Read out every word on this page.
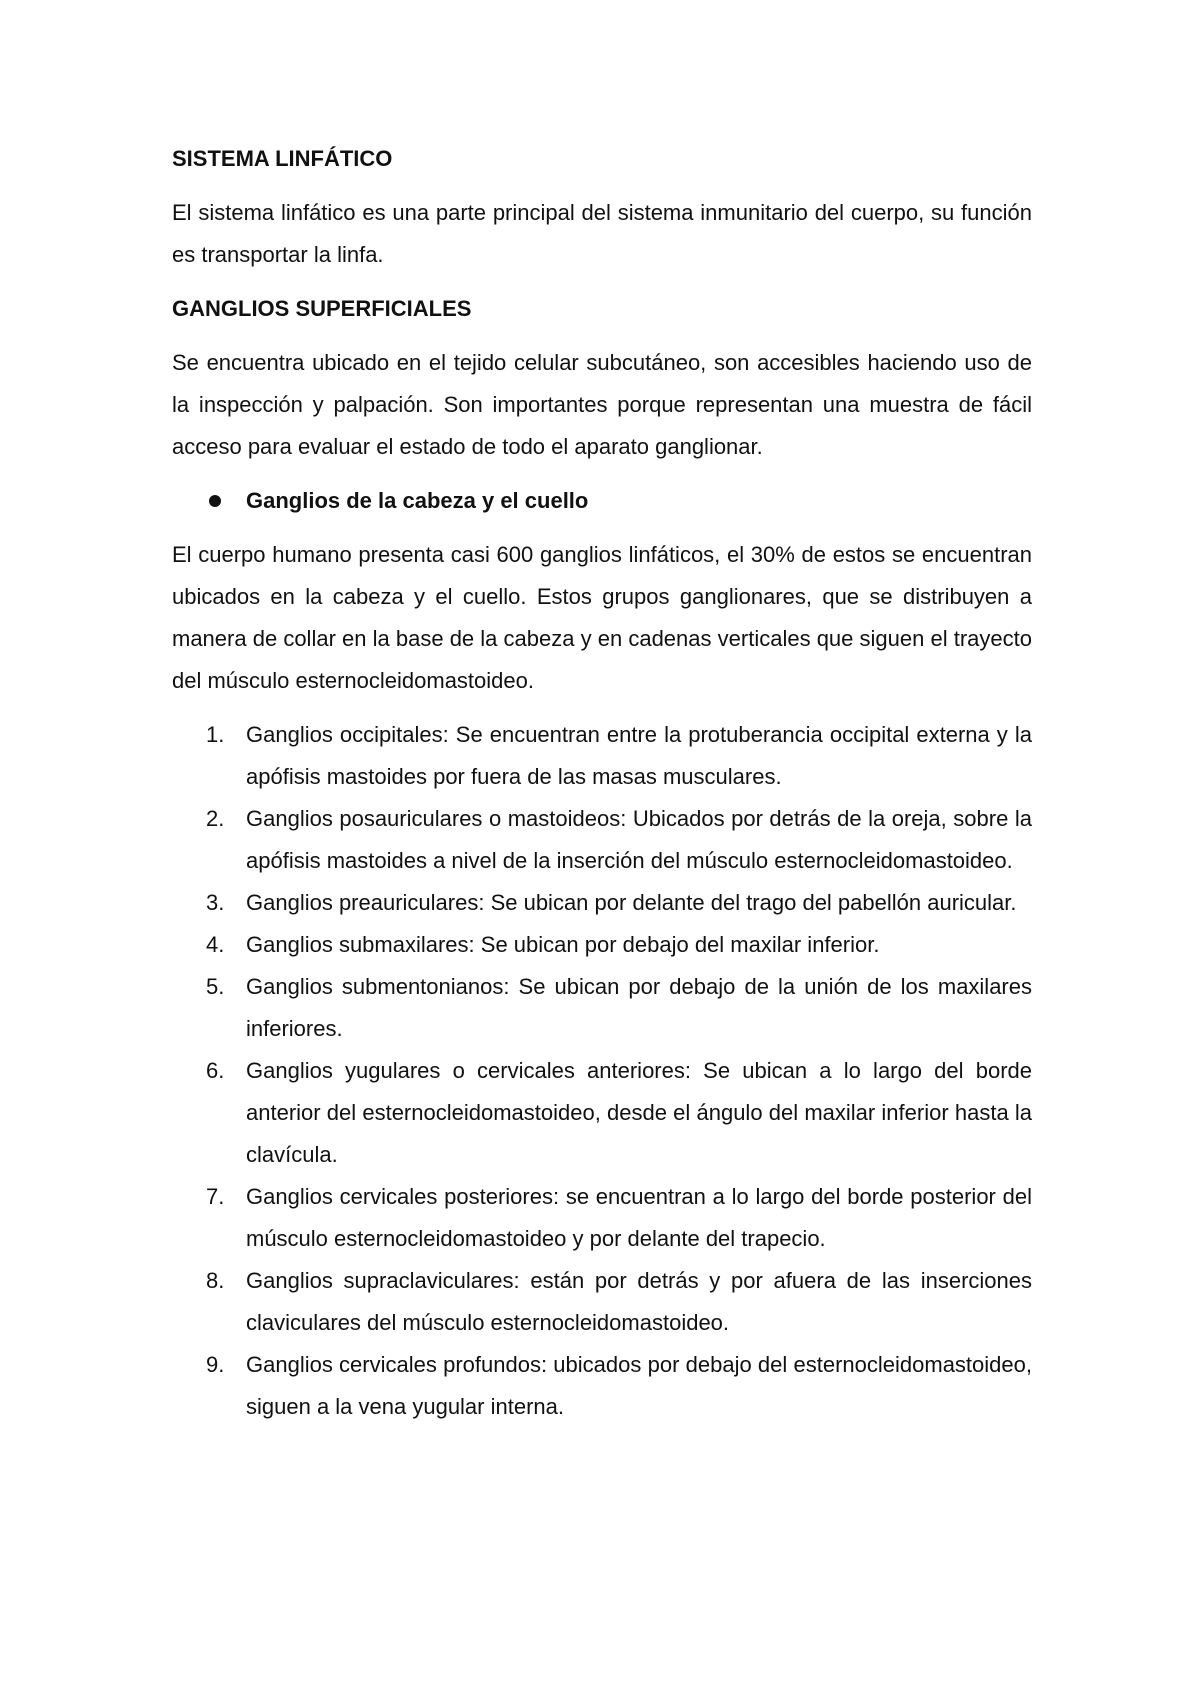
SISTEMA LINFÁTICO

El sistema linfático es una parte principal del sistema inmunitario del cuerpo, su función es transportar la linfa.

GANGLIOS SUPERFICIALES

Se encuentra ubicado en el tejido celular subcutáneo, son accesibles haciendo uso de la inspección y palpación. Son importantes porque representan una muestra de fácil acceso para evaluar el estado de todo el aparato ganglionar.

Ganglios de la cabeza y el cuello

El cuerpo humano presenta casi 600 ganglios linfáticos, el 30% de estos se encuentran ubicados en la cabeza y el cuello. Estos grupos ganglionares, que se distribuyen a manera de collar en la base de la cabeza y en cadenas verticales que siguen el trayecto del músculo esternocleidomastoideo.

1. Ganglios occipitales: Se encuentran entre la protuberancia occipital externa y la apófisis mastoides por fuera de las masas musculares.
2. Ganglios posauriculares o mastoideos: Ubicados por detrás de la oreja, sobre la apófisis mastoides a nivel de la inserción del músculo esternocleidomastoideo.
3. Ganglios preauriculares: Se ubican por delante del trago del pabellón auricular.
4. Ganglios submaxilares: Se ubican por debajo del maxilar inferior.
5. Ganglios submentonianos: Se ubican por debajo de la unión de los maxilares inferiores.
6. Ganglios yugulares o cervicales anteriores: Se ubican a lo largo del borde anterior del esternocleidomastoideo, desde el ángulo del maxilar inferior hasta la clavícula.
7. Ganglios cervicales posteriores: se encuentran a lo largo del borde posterior del músculo esternocleidomastoideo y por delante del trapecio.
8. Ganglios supraclaviculares: están por detrás y por afuera de las inserciones claviculares del músculo esternocleidomastoideo.
9. Ganglios cervicales profundos: ubicados por debajo del esternocleidomastoideo, siguen a la vena yugular interna.
